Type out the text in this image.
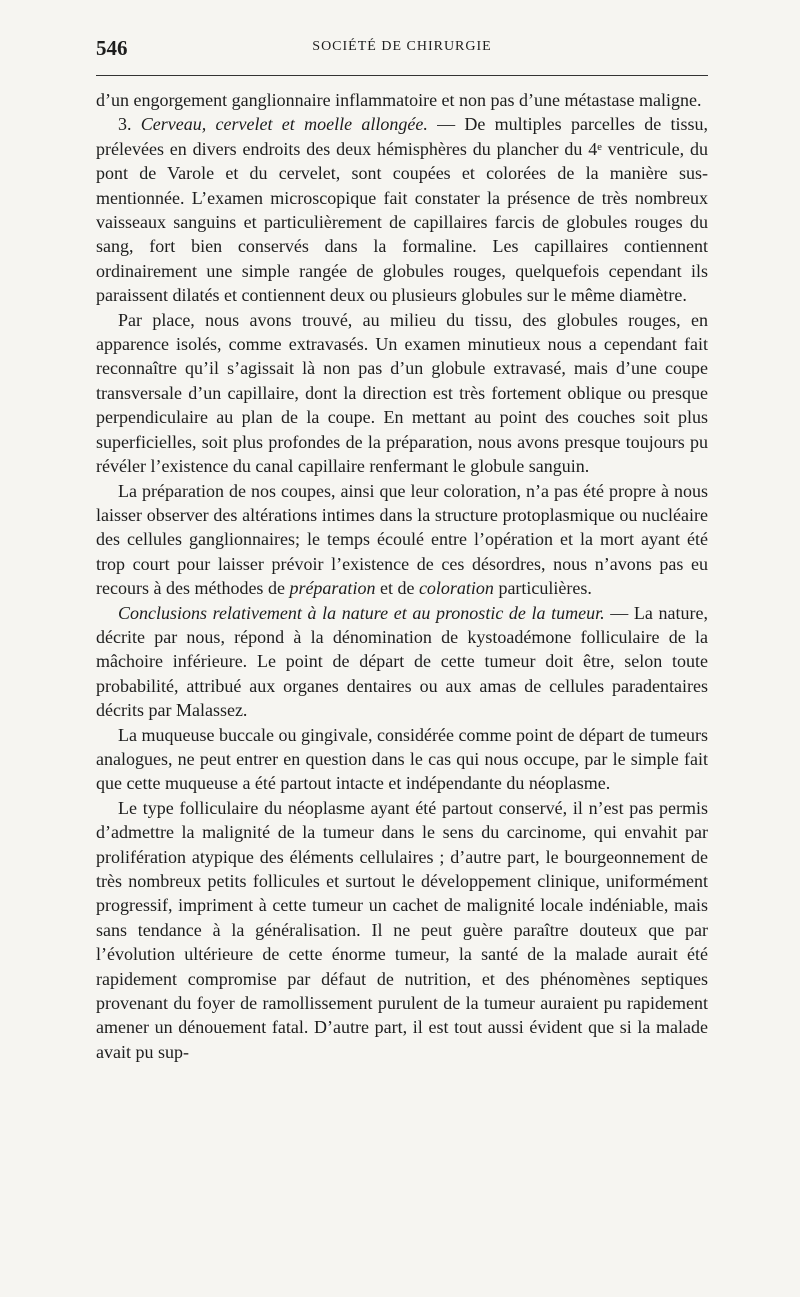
546	SOCIÉTÉ DE CHIRURGIE

d’un engorgement ganglionnaire inflammatoire et non pas d’une métastase maligne.

3. Cerveau, cervelet et moelle allongée. — De multiples parcelles de tissu, prélevées en divers endroits des deux hémisphères du plancher du 4ᵉ ventricule, du pont de Varole et du cervelet, sont coupées et colorées de la manière sus-mentionnée. L’examen microscopique fait constater la présence de très nombreux vaisseaux sanguins et particulièrement de capillaires farcis de globules rouges du sang, fort bien conservés dans la formaline. Les capillaires contiennent ordinairement une simple rangée de globules rouges, quelquefois cependant ils paraissent dilatés et contiennent deux ou plusieurs globules sur le même diamètre.

Par place, nous avons trouvé, au milieu du tissu, des globules rouges, en apparence isolés, comme extravasés. Un examen minutieux nous a cependant fait reconnaître qu’il s’agissait là non pas d’un globule extravasé, mais d’une coupe transversale d’un capillaire, dont la direction est très fortement oblique ou presque perpendiculaire au plan de la coupe. En mettant au point des couches soit plus superficielles, soit plus profondes de la préparation, nous avons presque toujours pu révéler l’existence du canal capillaire renfermant le globule sanguin.

La préparation de nos coupes, ainsi que leur coloration, n’a pas été propre à nous laisser observer des altérations intimes dans la structure protoplasmique ou nucléaire des cellules ganglionnaires; le temps écoulé entre l’opération et la mort ayant été trop court pour laisser prévoir l’existence de ces désordres, nous n’avons pas eu recours à des méthodes de préparation et de coloration particulières.

Conclusions relativement à la nature et au pronostic de la tumeur. — La nature, décrite par nous, répond à la dénomination de kystoadémone folliculaire de la mâchoire inférieure. Le point de départ de cette tumeur doit être, selon toute probabilité, attribué aux organes dentaires ou aux amas de cellules paradentaires décrits par Malassez.

La muqueuse buccale ou gingivale, considérée comme point de départ de tumeurs analogues, ne peut entrer en question dans le cas qui nous occupe, par le simple fait que cette muqueuse a été partout intacte et indépendante du néoplasme.

Le type folliculaire du néoplasme ayant été partout conservé, il n’est pas permis d’admettre la malignité de la tumeur dans le sens du carcinome, qui envahit par prolifération atypique des éléments cellulaires ; d’autre part, le bourgeonnement de très nombreux petits follicules et surtout le développement clinique, uniformément progressif, impriment à cette tumeur un cachet de malignité locale indéniable, mais sans tendance à la généralisation. Il ne peut guère paraître douteux que par l’évolution ultérieure de cette énorme tumeur, la santé de la malade aurait été rapidement compromise par défaut de nutrition, et des phénomènes septiques provenant du foyer de ramollissement purulent de la tumeur auraient pu rapidement amener un dénouement fatal. D’autre part, il est tout aussi évident que si la malade avait pu sup-
